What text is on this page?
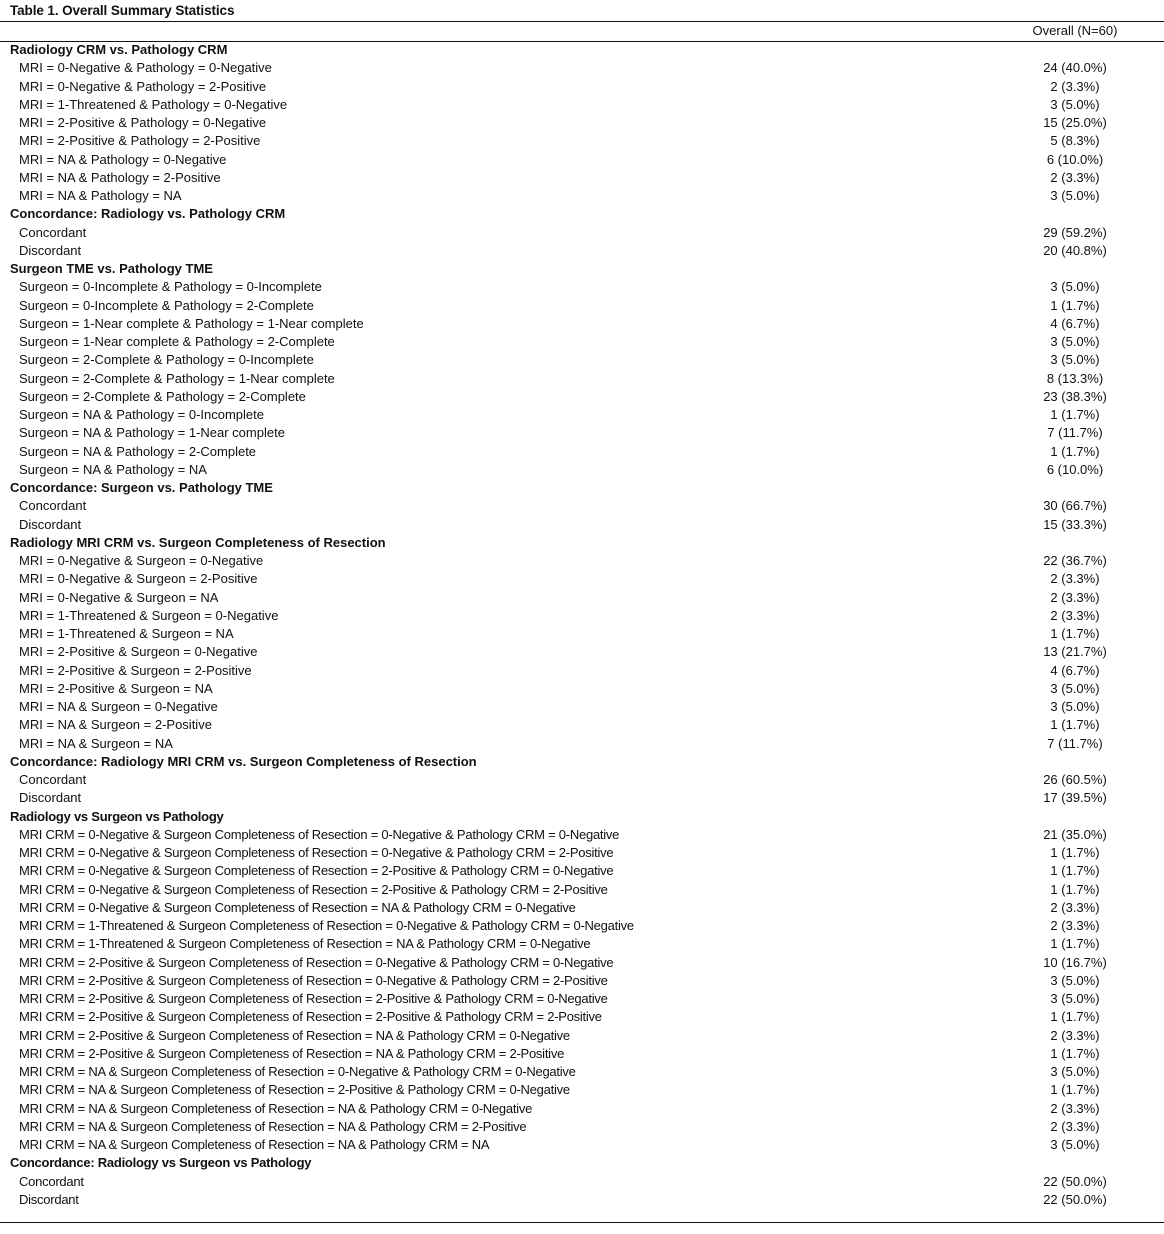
Table 1. Overall Summary Statistics
Overall (N=60)
Radiology CRM vs. Pathology CRM
MRI = 0-Negative & Pathology = 0-Negative	24 (40.0%)
MRI = 0-Negative & Pathology = 2-Positive	2 (3.3%)
MRI = 1-Threatened & Pathology = 0-Negative	3 (5.0%)
MRI = 2-Positive & Pathology = 0-Negative	15 (25.0%)
MRI = 2-Positive & Pathology = 2-Positive	5 (8.3%)
MRI = NA & Pathology = 0-Negative	6 (10.0%)
MRI = NA & Pathology = 2-Positive	2 (3.3%)
MRI = NA & Pathology = NA	3 (5.0%)
Concordance: Radiology vs. Pathology CRM
Concordant	29 (59.2%)
Discordant	20 (40.8%)
Surgeon TME vs. Pathology TME
Surgeon = 0-Incomplete & Pathology = 0-Incomplete	3 (5.0%)
Surgeon = 0-Incomplete & Pathology = 2-Complete	1 (1.7%)
Surgeon = 1-Near complete & Pathology = 1-Near complete	4 (6.7%)
Surgeon = 1-Near complete & Pathology = 2-Complete	3 (5.0%)
Surgeon = 2-Complete & Pathology = 0-Incomplete	3 (5.0%)
Surgeon = 2-Complete & Pathology = 1-Near complete	8 (13.3%)
Surgeon = 2-Complete & Pathology = 2-Complete	23 (38.3%)
Surgeon = NA & Pathology = 0-Incomplete	1 (1.7%)
Surgeon = NA & Pathology = 1-Near complete	7 (11.7%)
Surgeon = NA & Pathology = 2-Complete	1 (1.7%)
Surgeon = NA & Pathology = NA	6 (10.0%)
Concordance: Surgeon vs. Pathology TME
Concordant	30 (66.7%)
Discordant	15 (33.3%)
Radiology MRI CRM vs. Surgeon Completeness of Resection
MRI = 0-Negative & Surgeon = 0-Negative	22 (36.7%)
MRI = 0-Negative & Surgeon = 2-Positive	2 (3.3%)
MRI = 0-Negative & Surgeon = NA	2 (3.3%)
MRI = 1-Threatened & Surgeon = 0-Negative	2 (3.3%)
MRI = 1-Threatened & Surgeon = NA	1 (1.7%)
MRI = 2-Positive & Surgeon = 0-Negative	13 (21.7%)
MRI = 2-Positive & Surgeon = 2-Positive	4 (6.7%)
MRI = 2-Positive & Surgeon = NA	3 (5.0%)
MRI = NA & Surgeon = 0-Negative	3 (5.0%)
MRI = NA & Surgeon = 2-Positive	1 (1.7%)
MRI = NA & Surgeon = NA	7 (11.7%)
Concordance: Radiology MRI CRM vs. Surgeon Completeness of Resection
Concordant	26 (60.5%)
Discordant	17 (39.5%)
Radiology vs Surgeon vs Pathology
MRI CRM = 0-Negative & Surgeon Completeness of Resection = 0-Negative & Pathology CRM = 0-Negative	21 (35.0%)
MRI CRM = 0-Negative & Surgeon Completeness of Resection = 0-Negative & Pathology CRM = 2-Positive	1 (1.7%)
MRI CRM = 0-Negative & Surgeon Completeness of Resection = 2-Positive & Pathology CRM = 0-Negative	1 (1.7%)
MRI CRM = 0-Negative & Surgeon Completeness of Resection = 2-Positive & Pathology CRM = 2-Positive	1 (1.7%)
MRI CRM = 0-Negative & Surgeon Completeness of Resection = NA & Pathology CRM = 0-Negative	2 (3.3%)
MRI CRM = 1-Threatened & Surgeon Completeness of Resection = 0-Negative & Pathology CRM = 0-Negative	2 (3.3%)
MRI CRM = 1-Threatened & Surgeon Completeness of Resection = NA & Pathology CRM = 0-Negative	1 (1.7%)
MRI CRM = 2-Positive & Surgeon Completeness of Resection = 0-Negative & Pathology CRM = 0-Negative	10 (16.7%)
MRI CRM = 2-Positive & Surgeon Completeness of Resection = 0-Negative & Pathology CRM = 2-Positive	3 (5.0%)
MRI CRM = 2-Positive & Surgeon Completeness of Resection = 2-Positive & Pathology CRM = 0-Negative	3 (5.0%)
MRI CRM = 2-Positive & Surgeon Completeness of Resection = 2-Positive & Pathology CRM = 2-Positive	1 (1.7%)
MRI CRM = 2-Positive & Surgeon Completeness of Resection = NA & Pathology CRM = 0-Negative	2 (3.3%)
MRI CRM = 2-Positive & Surgeon Completeness of Resection = NA & Pathology CRM = 2-Positive	1 (1.7%)
MRI CRM = NA & Surgeon Completeness of Resection = 0-Negative & Pathology CRM = 0-Negative	3 (5.0%)
MRI CRM = NA & Surgeon Completeness of Resection = 2-Positive & Pathology CRM = 0-Negative	1 (1.7%)
MRI CRM = NA & Surgeon Completeness of Resection = NA & Pathology CRM = 0-Negative	2 (3.3%)
MRI CRM = NA & Surgeon Completeness of Resection = NA & Pathology CRM = 2-Positive	2 (3.3%)
MRI CRM = NA & Surgeon Completeness of Resection = NA & Pathology CRM = NA	3 (5.0%)
Concordance: Radiology vs Surgeon vs Pathology
Concordant	22 (50.0%)
Discordant	22 (50.0%)
